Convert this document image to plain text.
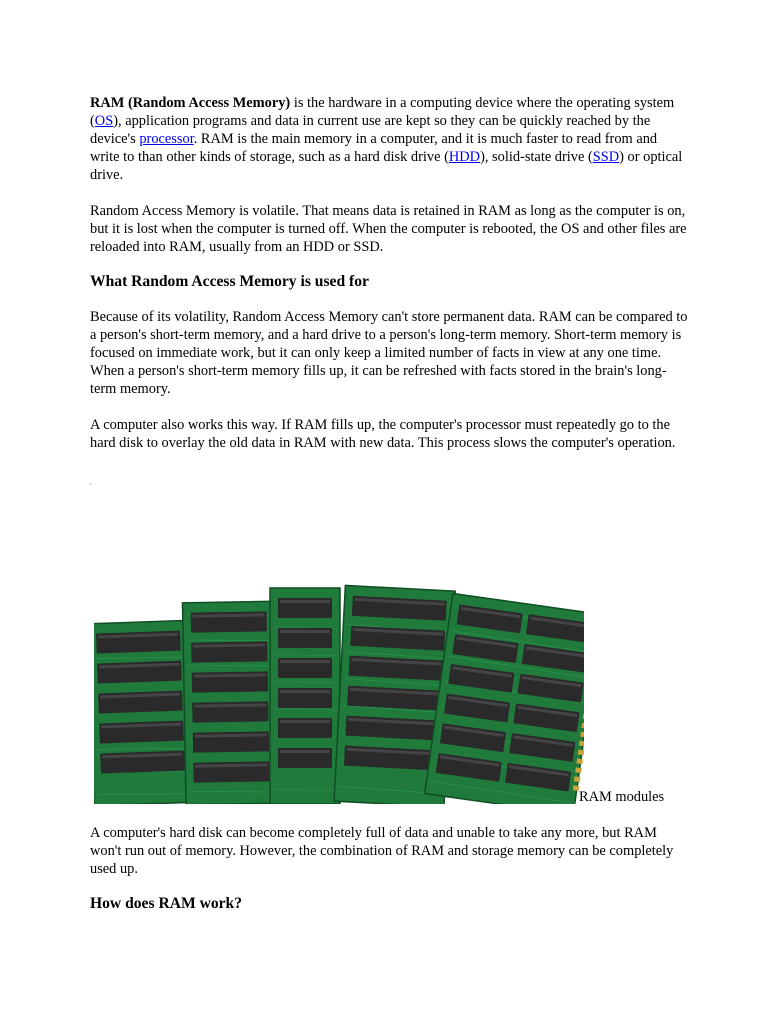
RAM (Random Access Memory) is the hardware in a computing device where the operating system (OS), application programs and data in current use are kept so they can be quickly reached by the device's processor. RAM is the main memory in a computer, and it is much faster to read from and write to than other kinds of storage, such as a hard disk drive (HDD), solid-state drive (SSD) or optical drive.

Random Access Memory is volatile. That means data is retained in RAM as long as the computer is on, but it is lost when the computer is turned off. When the computer is rebooted, the OS and other files are reloaded into RAM, usually from an HDD or SSD.

What Random Access Memory is used for

Because of its volatility, Random Access Memory can't store permanent data. RAM can be compared to a person's short-term memory, and a hard drive to a person's long-term memory. Short-term memory is focused on immediate work, but it can only keep a limited number of facts in view at any one time. When a person's short-term memory fills up, it can be refreshed with facts stored in the brain's long-term memory.

A computer also works this way. If RAM fills up, the computer's processor must repeatedly go to the hard disk to overlay the old data in RAM with new data. This process slows the computer's operation.

RAM modules

A computer's hard disk can become completely full of data and unable to take any more, but RAM won't run out of memory. However, the combination of RAM and storage memory can be completely used up.

How does RAM work?
